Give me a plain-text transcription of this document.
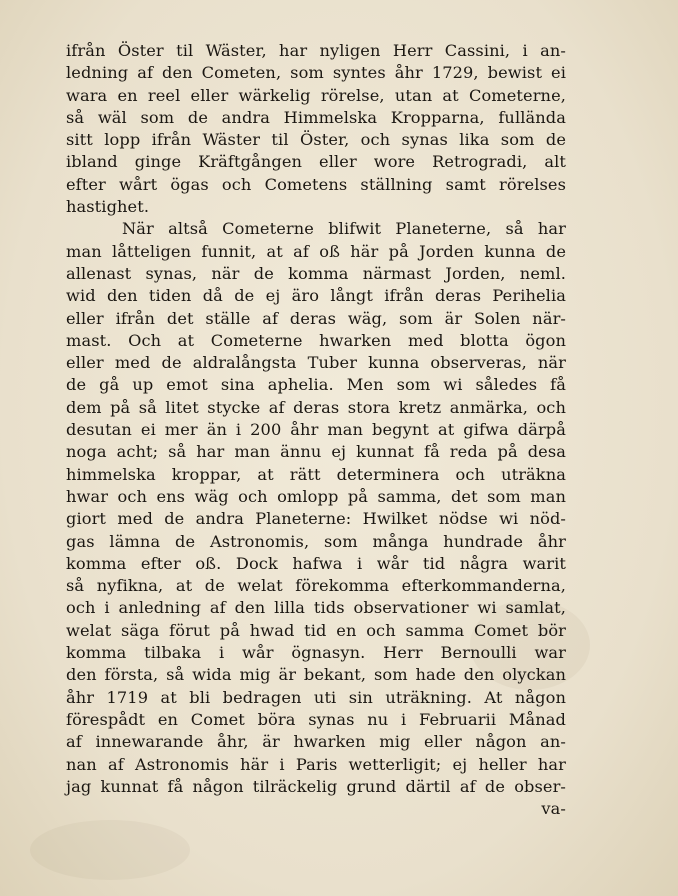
ifrån Öster til Wäster, har nyligen Herr Cassini, i an-
ledning af den Cometen, som syntes åhr 1729, bewist ei
wara en reel eller wärkelig rörelse, utan at Cometerne,
så wäl som de andra Himmelska Kropparna, fullända
sitt lopp ifrån Wäster til Öster, och synas lika som de
ibland ginge Kräftgången eller wore Retrogradi, alt
efter wårt ögas och Cometens ställning samt rörelses
hastighet.
När altså Cometerne blifwit Planeterne, så har
man låtteligen funnit, at af oß här på Jorden kunna de
allenast synas, när de komma närmast Jorden, neml.
wid den tiden då de ej äro långt ifrån deras Perihelia
eller ifrån det ställe af deras wäg, som är Solen när-
mast. Och at Cometerne hwarken med blotta ögon
eller med de aldralångsta Tuber kunna observeras, när
de gå up emot sina aphelia. Men som wi således få
dem på så litet stycke af deras stora kretz anmärka, och
desutan ei mer än i 200 åhr man begynt at gifwa därpå
noga acht; så har man ännu ej kunnat få reda på desa
himmelska kroppar, at rätt determinera och uträkna
hwar och ens wäg och omlopp på samma, det som man
giort med de andra Planeterne: Hwilket nödse wi nöd-
gas lämna de Astronomis, som många hundrade åhr
komma efter oß. Dock hafwa i wår tid några warit
så nyfikna, at de welat förekomma efterkommanderna,
och i anledning af den lilla tids observationer wi samlat,
welat säga förut på hwad tid en och samma Comet bör
komma tilbaka i wår ögnasyn. Herr Bernoulli war
den första, så wida mig är bekant, som hade den olyckan
åhr 1719 at bli bedragen uti sin uträkning. At någon
förespådt en Comet böra synas nu i Februarii Månad
af innewarande åhr, är hwarken mig eller någon an-
nan af Astronomis här i Paris wetterligit; ej heller har
jag kunnat få någon tilräckelig grund därtil af de obser-
va-
